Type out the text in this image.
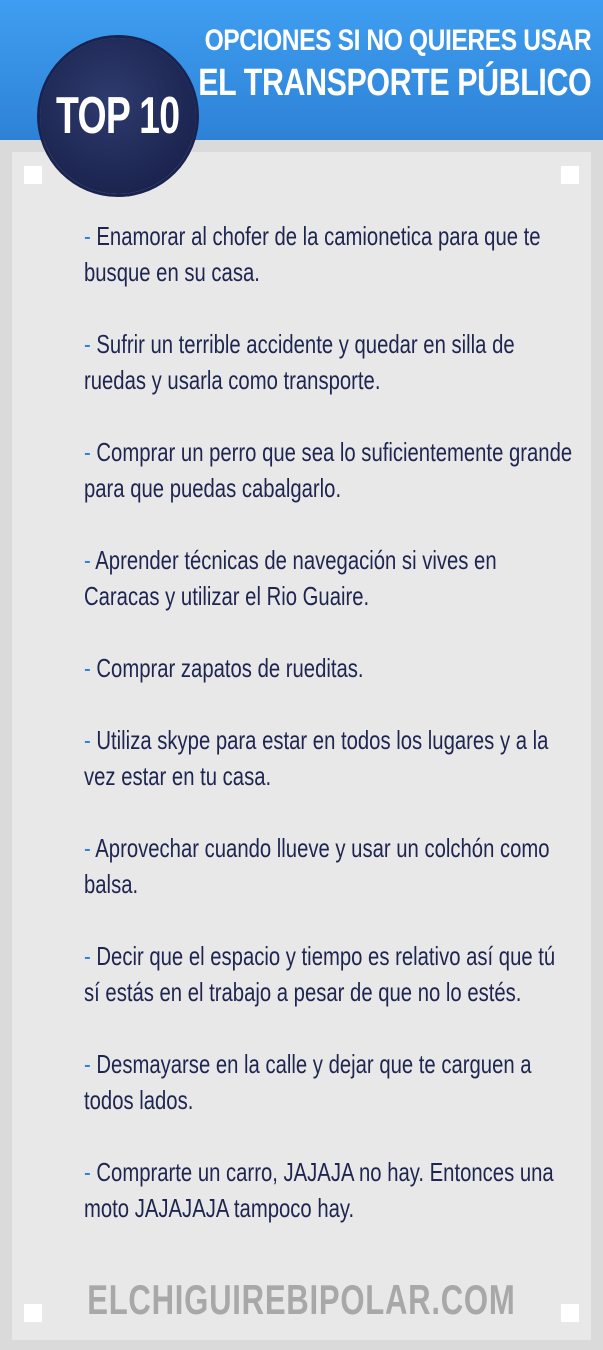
OPCIONES SI NO QUIERES USAR
EL TRANSPORTE PÚBLICO
TOP 10
- Enamorar al chofer de la camionetica para que te busque en su casa.
- Sufrir un terrible accidente y quedar en silla de ruedas y usarla como transporte.
- Comprar un perro que sea lo suficientemente grande para que puedas cabalgarlo.
- Aprender técnicas de navegación si vives en Caracas y utilizar el Rio Guaire.
- Comprar zapatos de rueditas.
- Utiliza skype para estar en todos los lugares y a la vez estar en tu casa.
- Aprovechar cuando llueve y usar un colchón como balsa.
- Decir que el espacio y tiempo es relativo así que tú sí estás en el trabajo a pesar de que no lo estés.
- Desmayarse en la calle y dejar que te carguen a todos lados.
- Comprarte un carro, JAJAJA no hay. Entonces una moto JAJAJAJA tampoco hay.
ELCHIGUIREBIPOLAR.COM
